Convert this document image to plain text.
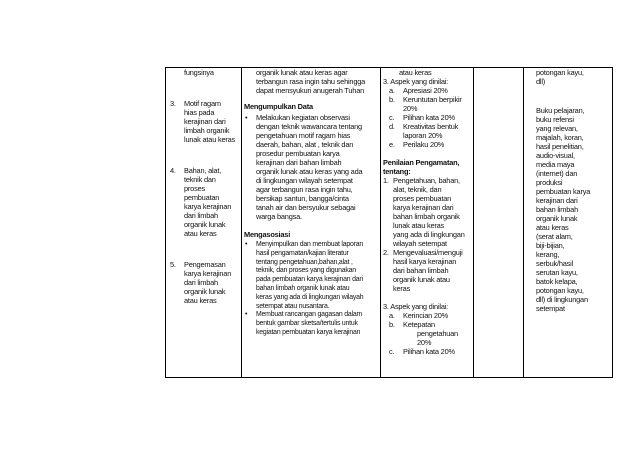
fungsinya

3. Motif ragam

hias pada

kerajinan dari

limbah organik

lunak atau keras

4. Bahan, alat,

teknik dan

proses

pembuatan

karya kerajinan

dari limbah

organik lunak

atau keras

5. Pengemasan

karya kerajinan

dari limbah

organik lunak

atau keras

organik lunak atau keras agar

terbangun rasa ingin tahu sehingga

dapat mensyukuri anugerah Tuhan

Mengumpulkan Data

• Melakukan kegiatan observasi

dengan teknik wawancara tentang

pengetahuan motif ragam hias

daerah, bahan, alat , teknik dan

prosedur pembuatan karya

kerajinan dari bahan limbah

organik lunak atau keras yang ada

di lingkungan wilayah setempat

agar terbangun rasa ingin tahu,

bersikap santun, bangga/cinta

tanah air dan bersyukur sebagai

warga bangsa.

Mengasosiasi

• Menyimpulkan dan membuat laporan

hasil pengamatan/kajian literatur

tentang pengetahuan,bahan,alat ,

teknik, dan proses yang digunakan

pada pembuatan karya kerajinan dari

bahan limbah organik lunak atau

keras yang ada di lingkungan wilayah

setempat atau nusantara.

• Membuat rancangan gagasan dalam

bentuk gambar sketsa/tertulis untuk

kegiatan pembuatan karya kerajinan

atau keras

3. Aspek yang dinilai:

a. Apresiasi 20%

b. Keruntutan berpikir

20%

c. Pilihan kata 20%

d. Kreativitas bentuk

laporan 20%

e. Perilaku 20%

Penilaian Pengamatan,

tentang:

1. Pengetahuan, bahan,

alat, teknik, dan

proses pembuatan

karya kerajinan dari

bahan limbah organik

lunak atau keras

yang ada di lingkungan

wilayah setempat

2. Mengevaluasi/menguji

hasil karya kerajinan

dari bahan limbah

organik lunak atau

keras

3. Aspek yang dinilai:

a. Kerincian 20%

b. Ketepatan

pengetahuan 20%

c. Pilihan kata 20%

potongan kayu,

dll)

Buku pelajaran,

buku refensi

yang relevan,

majalah, koran,

hasil penelitian,

audio-visual,

media maya

(internet) dan

produksi

pembuatan karya

kerajinan dari

bahan limbah

organik lunak

atau keras

(serat alam,

biji-bijian,

kerang,

serbuk/hasil

serutan kayu,

batok kelapa,

potongan kayu,

dll) di lingkungan

setempat
